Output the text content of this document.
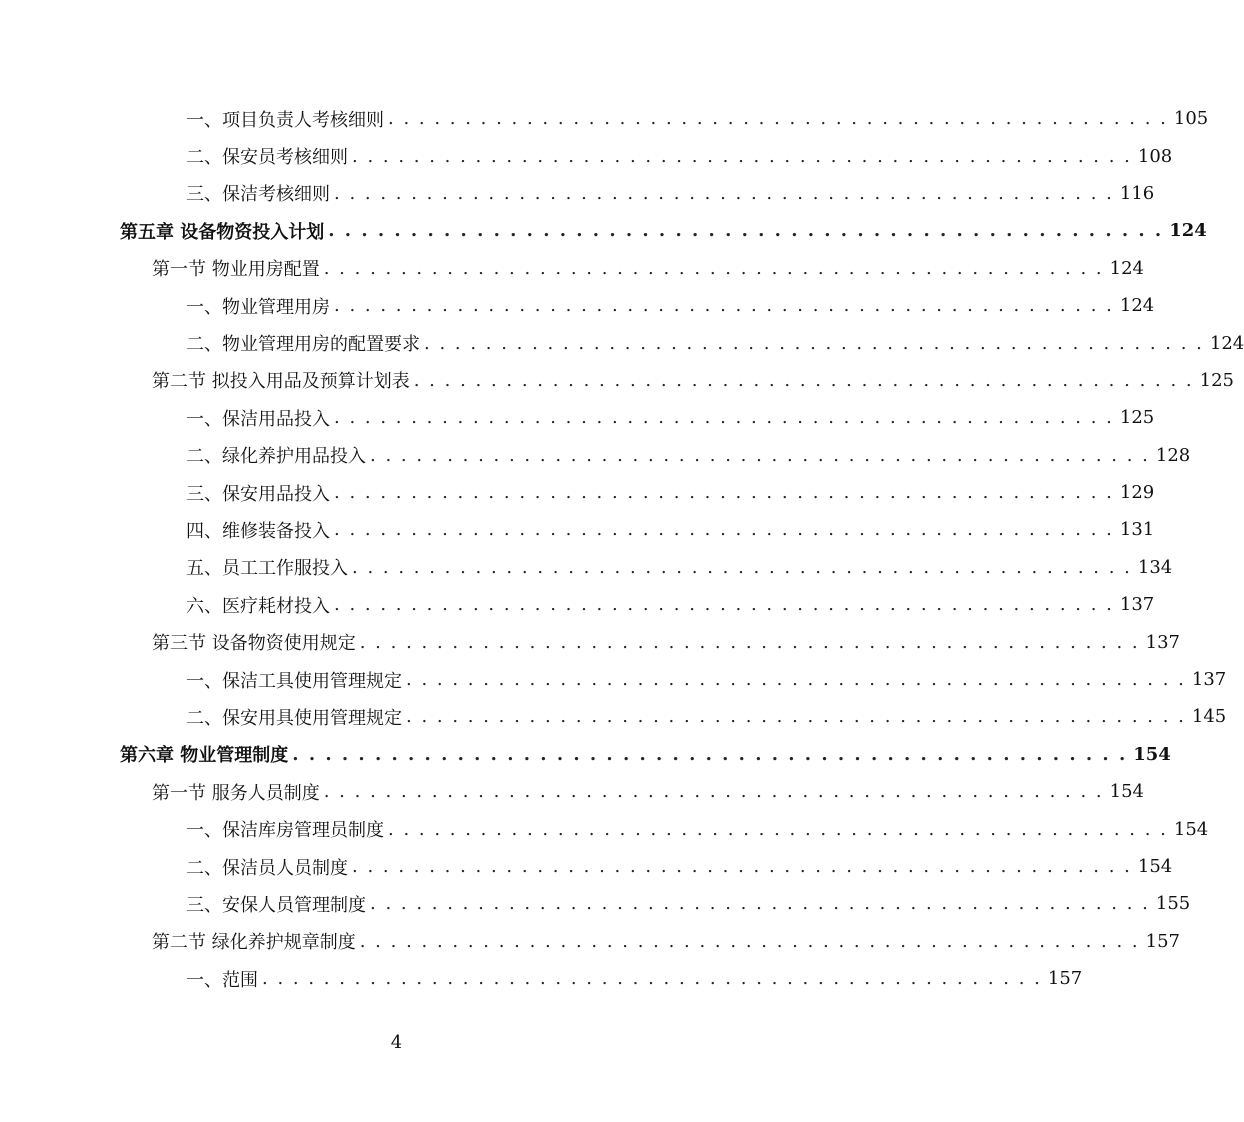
一、项目负责人考核细则 . . . . . . . . . . . . . . . . . . . . . . . . . . . . . . . . . . . . . . . . . . . . . . . . . . . 105
二、保安员考核细则 . . . . . . . . . . . . . . . . . . . . . . . . . . . . . . . . . . . . . . . . . . . . . . . . . . . 108
三、保洁考核细则 . . . . . . . . . . . . . . . . . . . . . . . . . . . . . . . . . . . . . . . . . . . . . . . . . . . 116
第五章 设备物资投入计划 . . . . . . . . . . . . . . . . . . . . . . . . . . . . . . . . . . . . . . . . . . . . . . . . . . . 124
第一节 物业用房配置 . . . . . . . . . . . . . . . . . . . . . . . . . . . . . . . . . . . . . . . . . . . . . . . . . . . 124
一、物业管理用房 . . . . . . . . . . . . . . . . . . . . . . . . . . . . . . . . . . . . . . . . . . . . . . . . . . . 124
二、物业管理用房的配置要求 . . . . . . . . . . . . . . . . . . . . . . . . . . . . . . . . . . . . . . . . . . . . . . . . . . . 124
第二节 拟投入用品及预算计划表 . . . . . . . . . . . . . . . . . . . . . . . . . . . . . . . . . . . . . . . . . . . . . . . . . . . 125
一、保洁用品投入 . . . . . . . . . . . . . . . . . . . . . . . . . . . . . . . . . . . . . . . . . . . . . . . . . . . 125
二、绿化养护用品投入 . . . . . . . . . . . . . . . . . . . . . . . . . . . . . . . . . . . . . . . . . . . . . . . . . . . 128
三、保安用品投入 . . . . . . . . . . . . . . . . . . . . . . . . . . . . . . . . . . . . . . . . . . . . . . . . . . . 129
四、维修装备投入 . . . . . . . . . . . . . . . . . . . . . . . . . . . . . . . . . . . . . . . . . . . . . . . . . . . 131
五、员工工作服投入 . . . . . . . . . . . . . . . . . . . . . . . . . . . . . . . . . . . . . . . . . . . . . . . . . . . 134
六、医疗耗材投入 . . . . . . . . . . . . . . . . . . . . . . . . . . . . . . . . . . . . . . . . . . . . . . . . . . . 137
第三节 设备物资使用规定 . . . . . . . . . . . . . . . . . . . . . . . . . . . . . . . . . . . . . . . . . . . . . . . . . . . 137
一、保洁工具使用管理规定 . . . . . . . . . . . . . . . . . . . . . . . . . . . . . . . . . . . . . . . . . . . . . . . . . . . 137
二、保安用具使用管理规定 . . . . . . . . . . . . . . . . . . . . . . . . . . . . . . . . . . . . . . . . . . . . . . . . . . . 145
第六章 物业管理制度 . . . . . . . . . . . . . . . . . . . . . . . . . . . . . . . . . . . . . . . . . . . . . . . . . . . 154
第一节 服务人员制度 . . . . . . . . . . . . . . . . . . . . . . . . . . . . . . . . . . . . . . . . . . . . . . . . . . . 154
一、保洁库房管理员制度 . . . . . . . . . . . . . . . . . . . . . . . . . . . . . . . . . . . . . . . . . . . . . . . . . . . 154
二、保洁员人员制度 . . . . . . . . . . . . . . . . . . . . . . . . . . . . . . . . . . . . . . . . . . . . . . . . . . . 154
三、安保人员管理制度 . . . . . . . . . . . . . . . . . . . . . . . . . . . . . . . . . . . . . . . . . . . . . . . . . . . 155
第二节 绿化养护规章制度 . . . . . . . . . . . . . . . . . . . . . . . . . . . . . . . . . . . . . . . . . . . . . . . . . . . 157
一、范围 . . . . . . . . . . . . . . . . . . . . . . . . . . . . . . . . . . . . . . . . . . . . . . . . . . . 157
4
